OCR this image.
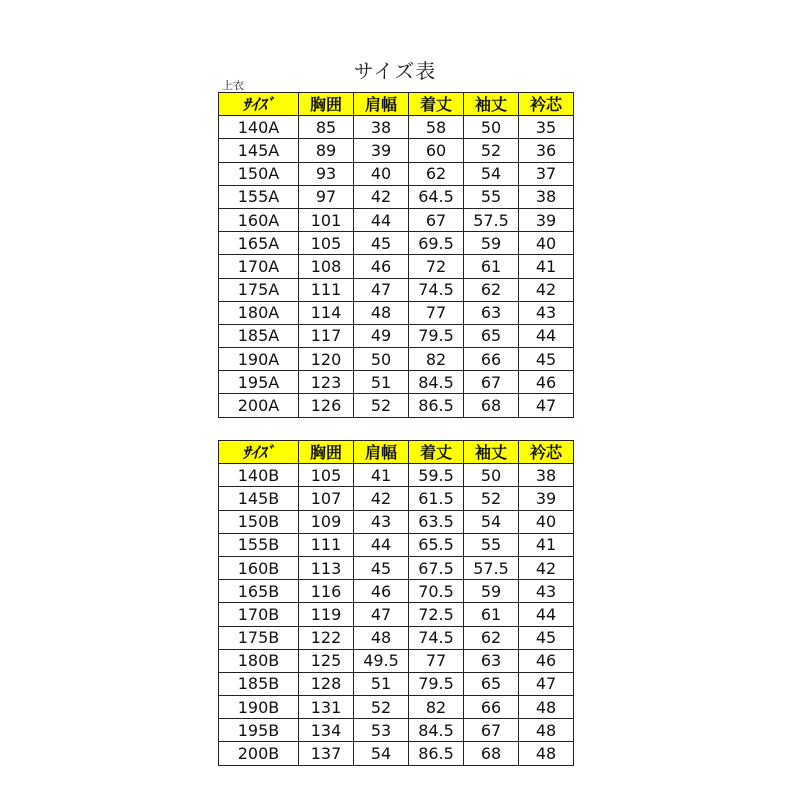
サイズ表
上衣
ｻｲｽﾞ	胸囲	肩幅	着丈	袖丈	衿芯
140A	85	38	58	50	35
145A	89	39	60	52	36
150A	93	40	62	54	37
155A	97	42	64.5	55	38
160A	101	44	67	57.5	39
165A	105	45	69.5	59	40
170A	108	46	72	61	41
175A	111	47	74.5	62	42
180A	114	48	77	63	43
185A	117	49	79.5	65	44
190A	120	50	82	66	45
195A	123	51	84.5	67	46
200A	126	52	86.5	68	47
ｻｲｽﾞ	胸囲	肩幅	着丈	袖丈	衿芯
140B	105	41	59.5	50	38
145B	107	42	61.5	52	39
150B	109	43	63.5	54	40
155B	111	44	65.5	55	41
160B	113	45	67.5	57.5	42
165B	116	46	70.5	59	43
170B	119	47	72.5	61	44
175B	122	48	74.5	62	45
180B	125	49.5	77	63	46
185B	128	51	79.5	65	47
190B	131	52	82	66	48
195B	134	53	84.5	67	48
200B	137	54	86.5	68	48
